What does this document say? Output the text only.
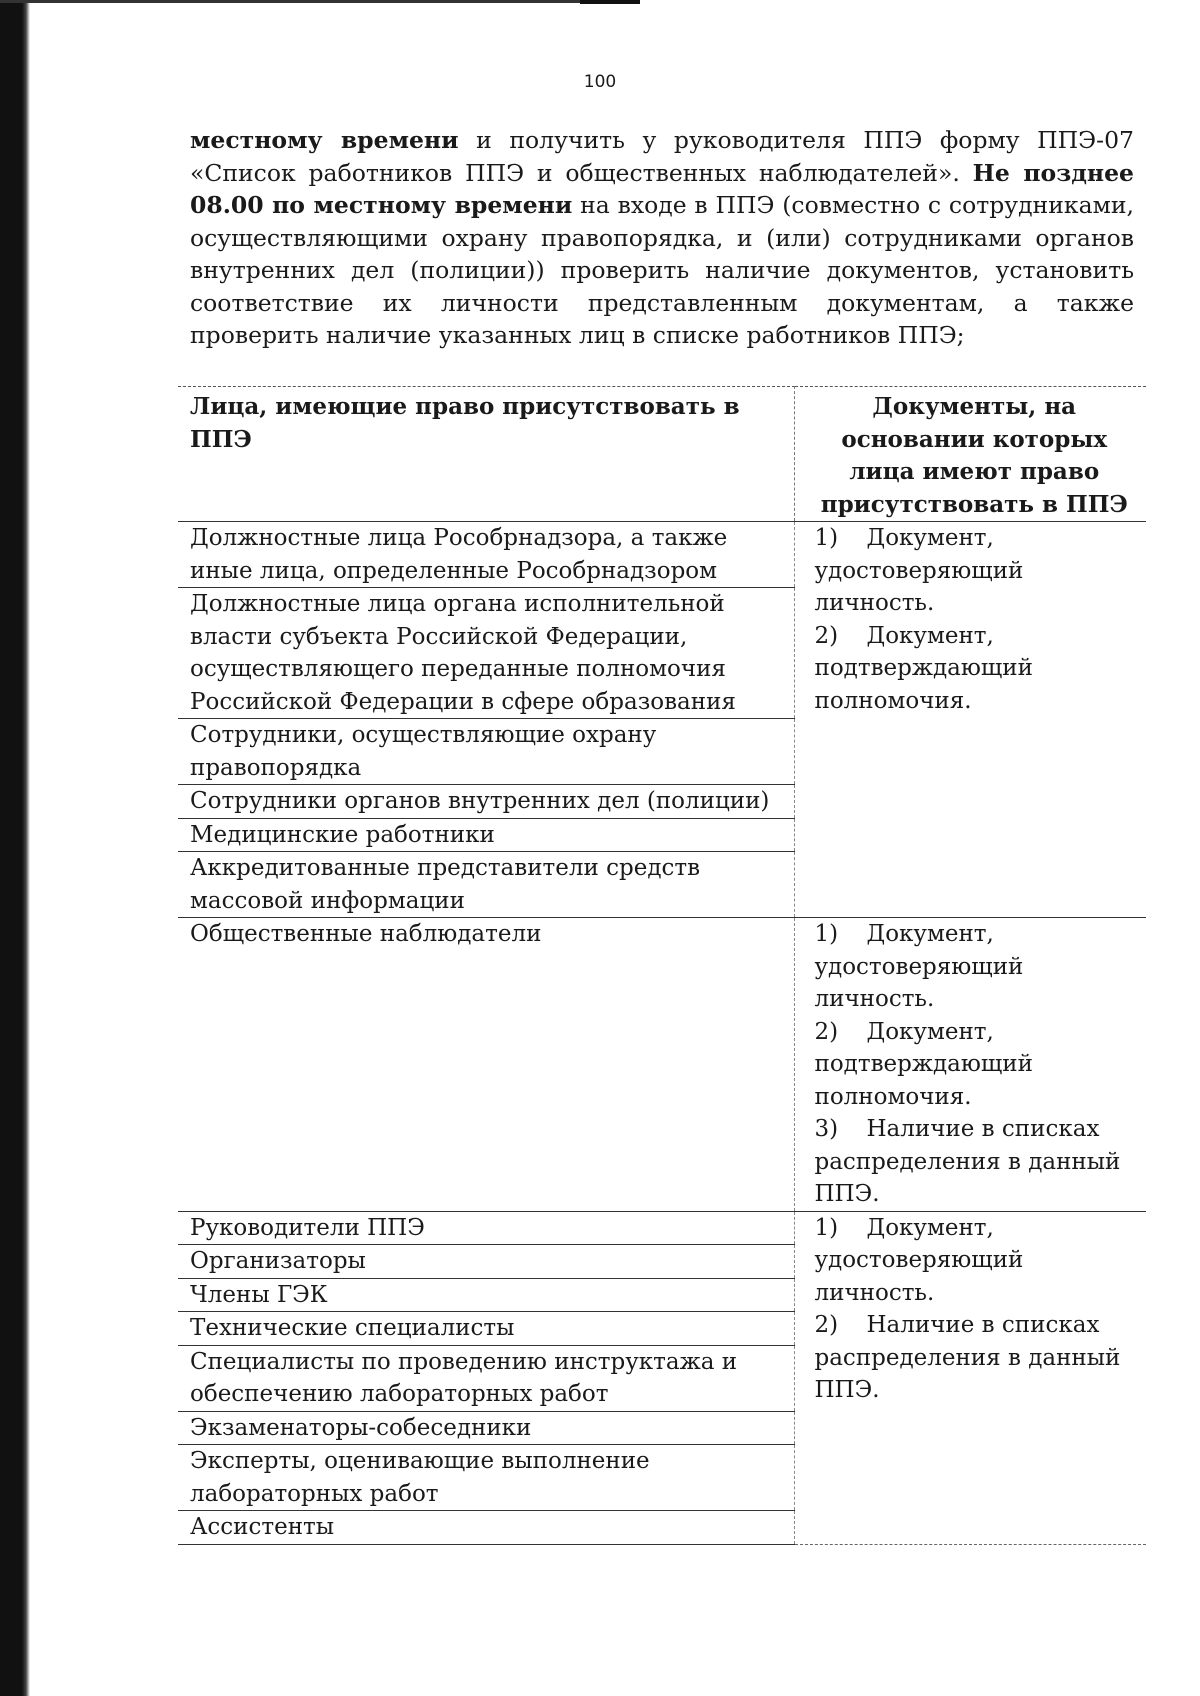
100

местному времени и получить у руководителя ППЭ форму ППЭ-07 «Список работников ППЭ и общественных наблюдателей». Не позднее 08.00 по местному времени на входе в ППЭ (совместно с сотрудниками, осуществляющими охрану правопорядка, и (или) сотрудниками органов внутренних дел (полиции)) проверить наличие документов, установить соответствие их личности представленным документам, а также проверить наличие указанных лиц в списке работников ППЭ;

Лица, имеющие право присутствовать в ППЭ	Документы, на основании которых лица имеют право присутствовать в ППЭ
Должностные лица Рособрнадзора, а также иные лица, определенные Рособрнадзором	1) Документ, удостоверяющий личность.
2) Документ, подтверждающий полномочия.

Должностные лица органа исполнительной власти субъекта Российской Федерации, осуществляющего переданные полномочия Российской Федерации в сфере образования	
Сотрудники, осуществляющие охрану правопорядка	
Сотрудники органов внутренних дел (полиции)	
Медицинские работники	
Аккредитованные представители средств массовой информации	
Общественные наблюдатели	1) Документ, удостоверяющий личность.
2) Документ, подтверждающий полномочия.
3) Наличие в списках распределения в данный ППЭ.

Руководители ППЭ	1) Документ, удостоверяющий личность.
2) Наличие в списках распределения в данный ППЭ.

Организаторы	
Члены ГЭК	
Технические специалисты	
Специалисты по проведению инструктажа и обеспечению лабораторных работ	
Экзаменаторы-собеседники	
Эксперты, оценивающие выполнение лабораторных работ	
Ассистенты	
